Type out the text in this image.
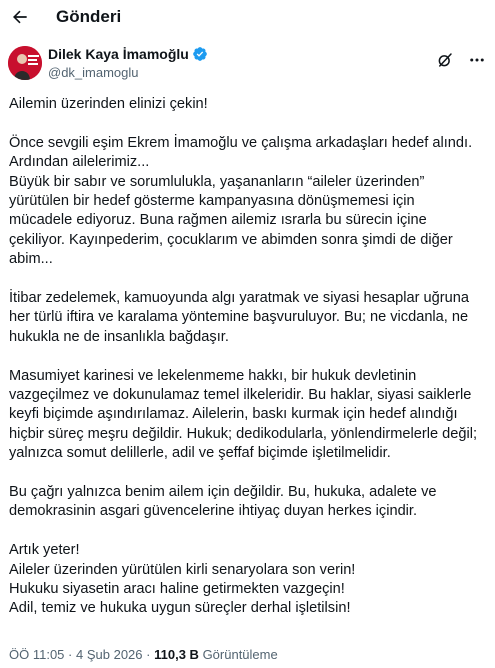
Gönderi
Dilek Kaya İmamoğlu
@dk_imamoglu
Ailemin üzerinden elinizi çekin!
Önce sevgili eşim Ekrem İmamoğlu ve çalışma arkadaşları hedef alındı.
Ardından ailelerimiz...
Büyük bir sabır ve sorumlulukla, yaşananların “aileler üzerinden”
yürütülen bir hedef gösterme kampanyasına dönüşmemesi için
mücadele ediyoruz. Buna rağmen ailemiz ısrarla bu sürecin içine
çekiliyor. Kayınpederim, çocuklarım ve abimden sonra şimdi de diğer
abim...
İtibar zedelemek, kamuoyunda algı yaratmak ve siyasi hesaplar uğruna
her türlü iftira ve karalama yöntemine başvuruluyor. Bu; ne vicdanla, ne
hukukla ne de insanlıkla bağdaşır.
Masumiyet karinesi ve lekelenmeme hakkı, bir hukuk devletinin
vazgeçilmez ve dokunulamaz temel ilkeleridir. Bu haklar, siyasi saiklerle
keyfi biçimde aşındırılamaz. Ailelerin, baskı kurmak için hedef alındığı
hiçbir süreç meşru değildir. Hukuk; dedikodularla, yönlendirmelerle değil;
yalnızca somut delillerle, adil ve şeffaf biçimde işletilmelidir.
Bu çağrı yalnızca benim ailem için değildir. Bu, hukuka, adalete ve
demokrasinin asgari güvencelerine ihtiyaç duyan herkes içindir.
Artık yeter!
Aileler üzerinden yürütülen kirli senaryolara son verin!
Hukuku siyasetin aracı haline getirmekten vazgeçin!
Adil, temiz ve hukuka uygun süreçler derhal işletilsin!
ÖÖ 11:05 · 4 Şub 2026 · 110,3 B Görüntüleme
